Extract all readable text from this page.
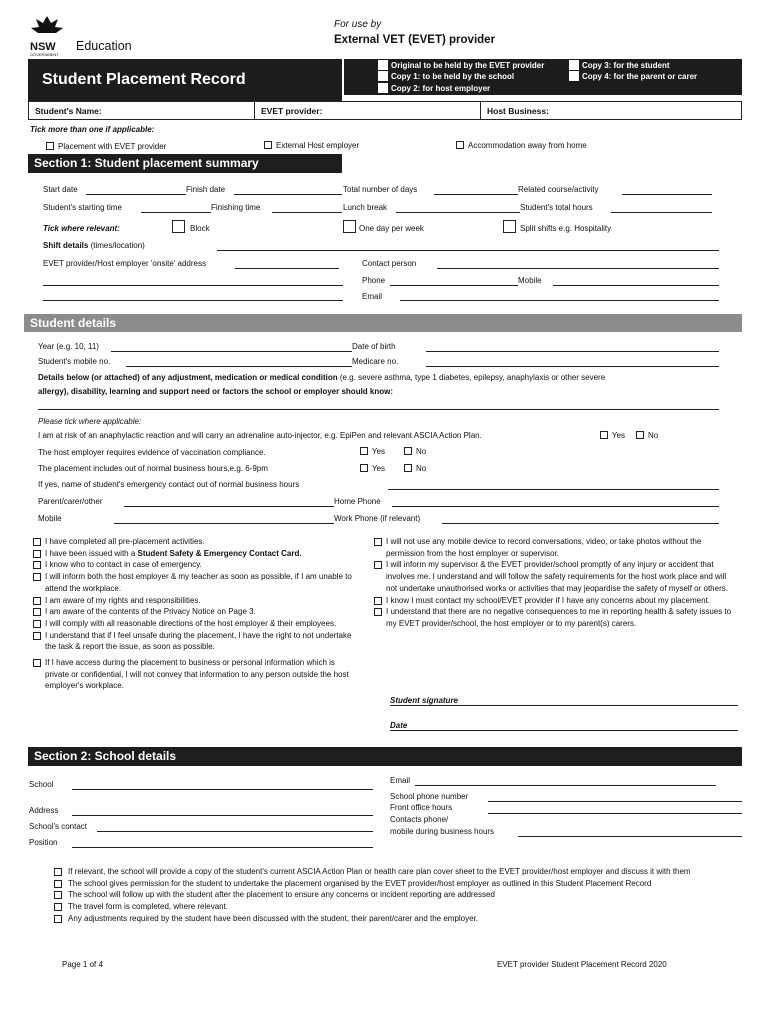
NSW
GOVERNMENT
Education
For use by
External VET (EVET) provider
Student Placement Record
Original to be held by the EVET provider
Copy 1: to be held by the school
Copy 2: for host employer
Copy 3: for the student
Copy 4: for the parent or carer
Student's Name:	EVET provider:	Host Business:
Tick more than one if applicable:
Placement with EVET provider	External Host employer	Accommodation away from home
Section 1: Student placement summary
Start date	Finish date	Total number of days	Related course/activity
Student's starting time	Finishing time	Lunch break	Student's total hours
Tick where relevant:	Block	One day per week	Split shifts e.g. Hospitality
Shift details (times/location)
EVET provider/Host employer 'onsite' address	Contact person
Phone	Mobile
Email
Student details
Year (e.g. 10, 11)	Date of birth
Student's mobile no.	Medicare no.
Details below (or attached) of any adjustment, medication or medical condition (e.g. severe asthma, type 1 diabetes, epilepsy, anaphylaxis or other severe
allergy), disability, learning and support need or factors the school or employer should know:
Please tick where applicable:
I am at risk of an anaphylactic reaction and will carry an adrenaline auto-injector, e.g. EpiPen and relevant ASCIA Action Plan.	Yes	No
The host employer requires evidence of vaccination compliance.	Yes	No
The placement includes out of normal business hours,e.g. 6-9pm	Yes	No
If yes, name of student's emergency contact out of normal business hours
Parent/carer/other	Home Phone
Mobile	Work Phone (if relevant)
I have completed all pre-placement activities.
I have been issued with a Student Safety & Emergency Contact Card.
I know who to contact in case of emergency.
I will inform both the host employer & my teacher as soon as possible, if I am unable to attend the workplace.
I am aware of my rights and responsibilities.
I am aware of the contents of the Privacy Notice on Page 3.
I will comply with all reasonable directions of the host employer & their employees.
I understand that if I feel unsafe during the placement, I have the right to not undertake the task & report the issue, as soon as possible.
If I have access during the placement to business or personal information which is private or confidential, I will not convey that information to any person outside the host employer's workplace.
I will not use any mobile device to record conversations, video, or take photos without the permission from the host employer or supervisor.
I will inform my supervisor & the EVET provider/school promptly of any injury or accident that involves me. I understand and will follow the safety requirements for the host work place and will not undertake unauthorised works or activities that may jeopardise the safety of myself or others.
I know I must contact my school/EVET provider if I have any concerns about my placement.
I understand that there are no negative consequences to me in reporting health & safety issues to my EVET provider/school, the host employer or to my parent(s) carers.
Student signature
Date
Section 2: School details
School
Address
School's contact
Position
Email
School phone number
Front office hours
Contacts phone/
mobile during business hours
If relevant, the school will provide a copy of the student's current ASCIA Action Plan or health care plan cover sheet to the EVET provider/host employer and discuss it with them
The school gives permission for the student to undertake the placement organised by the EVET provider/host employer as outlined in this Student Placement Record
The school will follow up with the student after the placement to ensure any concerns or incident reporting are addressed
The travel form is completed, where relevant.
Any adjustments required by the student have been discussed with the student, their parent/carer and the employer.
Page 1 of 4	EVET provider Student Placement Record 2020
